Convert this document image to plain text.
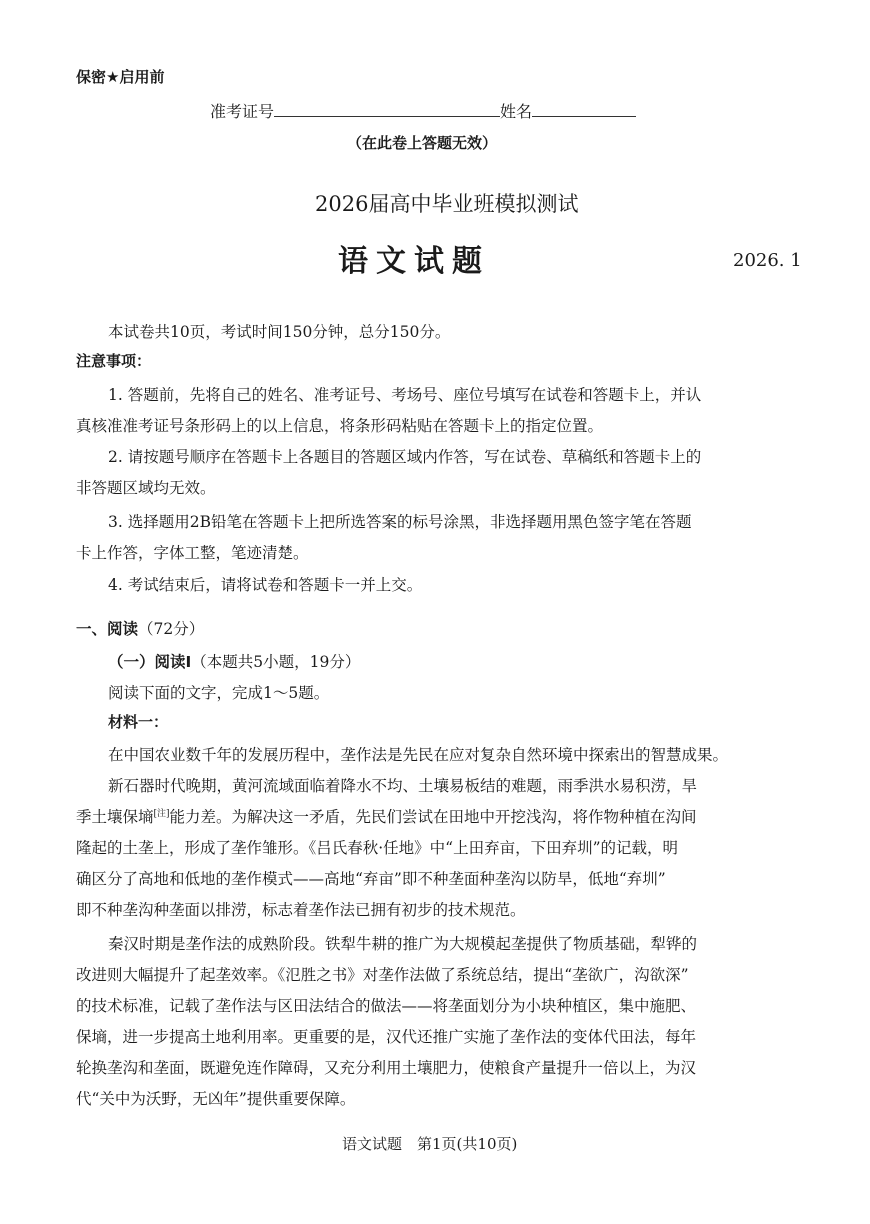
保密★启用前
准考证号	姓名
（在此卷上答题无效）
2026届高中毕业班模拟测试
语文试题	2026. 1
本试卷共10页，考试时间150分钟，总分150分。
注意事项：
1. 答题前，先将自己的姓名、准考证号、考场号、座位号填写在试卷和答题卡上，并认
真核准准考证号条形码上的以上信息，将条形码粘贴在答题卡上的指定位置。
2. 请按题号顺序在答题卡上各题目的答题区域内作答，写在试卷、草稿纸和答题卡上的
非答题区域均无效。
3. 选择题用2B铅笔在答题卡上把所选答案的标号涂黑，非选择题用黑色签字笔在答题
卡上作答，字体工整，笔迹清楚。
4. 考试结束后，请将试卷和答题卡一并上交。
一、阅读（72分）
（一）阅读Ⅰ（本题共5小题，19分）
阅读下面的文字，完成1～5题。
材料一：
在中国农业数千年的发展历程中，垄作法是先民在应对复杂自然环境中探索出的智慧成果。
新石器时代晚期，黄河流域面临着降水不均、土壤易板结的难题，雨季洪水易积涝，旱
季土壤保墒[注]能力差。为解决这一矛盾，先民们尝试在田地中开挖浅沟，将作物种植在沟间
隆起的土垄上，形成了垄作雏形。《吕氏春秋·任地》中“上田弃亩，下田弃圳”的记载，明
确区分了高地和低地的垄作模式——高地“弃亩”即不种垄面种垄沟以防旱，低地“弃圳”
即不种垄沟种垄面以排涝，标志着垄作法已拥有初步的技术规范。
秦汉时期是垄作法的成熟阶段。铁犁牛耕的推广为大规模起垄提供了物质基础，犁铧的
改进则大幅提升了起垄效率。《氾胜之书》对垄作法做了系统总结，提出“垄欲广，沟欲深”
的技术标准，记载了垄作法与区田法结合的做法——将垄面划分为小块种植区，集中施肥、
保墒，进一步提高土地利用率。更重要的是，汉代还推广实施了垄作法的变体代田法，每年
轮换垄沟和垄面，既避免连作障碍，又充分利用土壤肥力，使粮食产量提升一倍以上，为汉
代“关中为沃野，无凶年”提供重要保障。
语文试题　第1页(共10页)
